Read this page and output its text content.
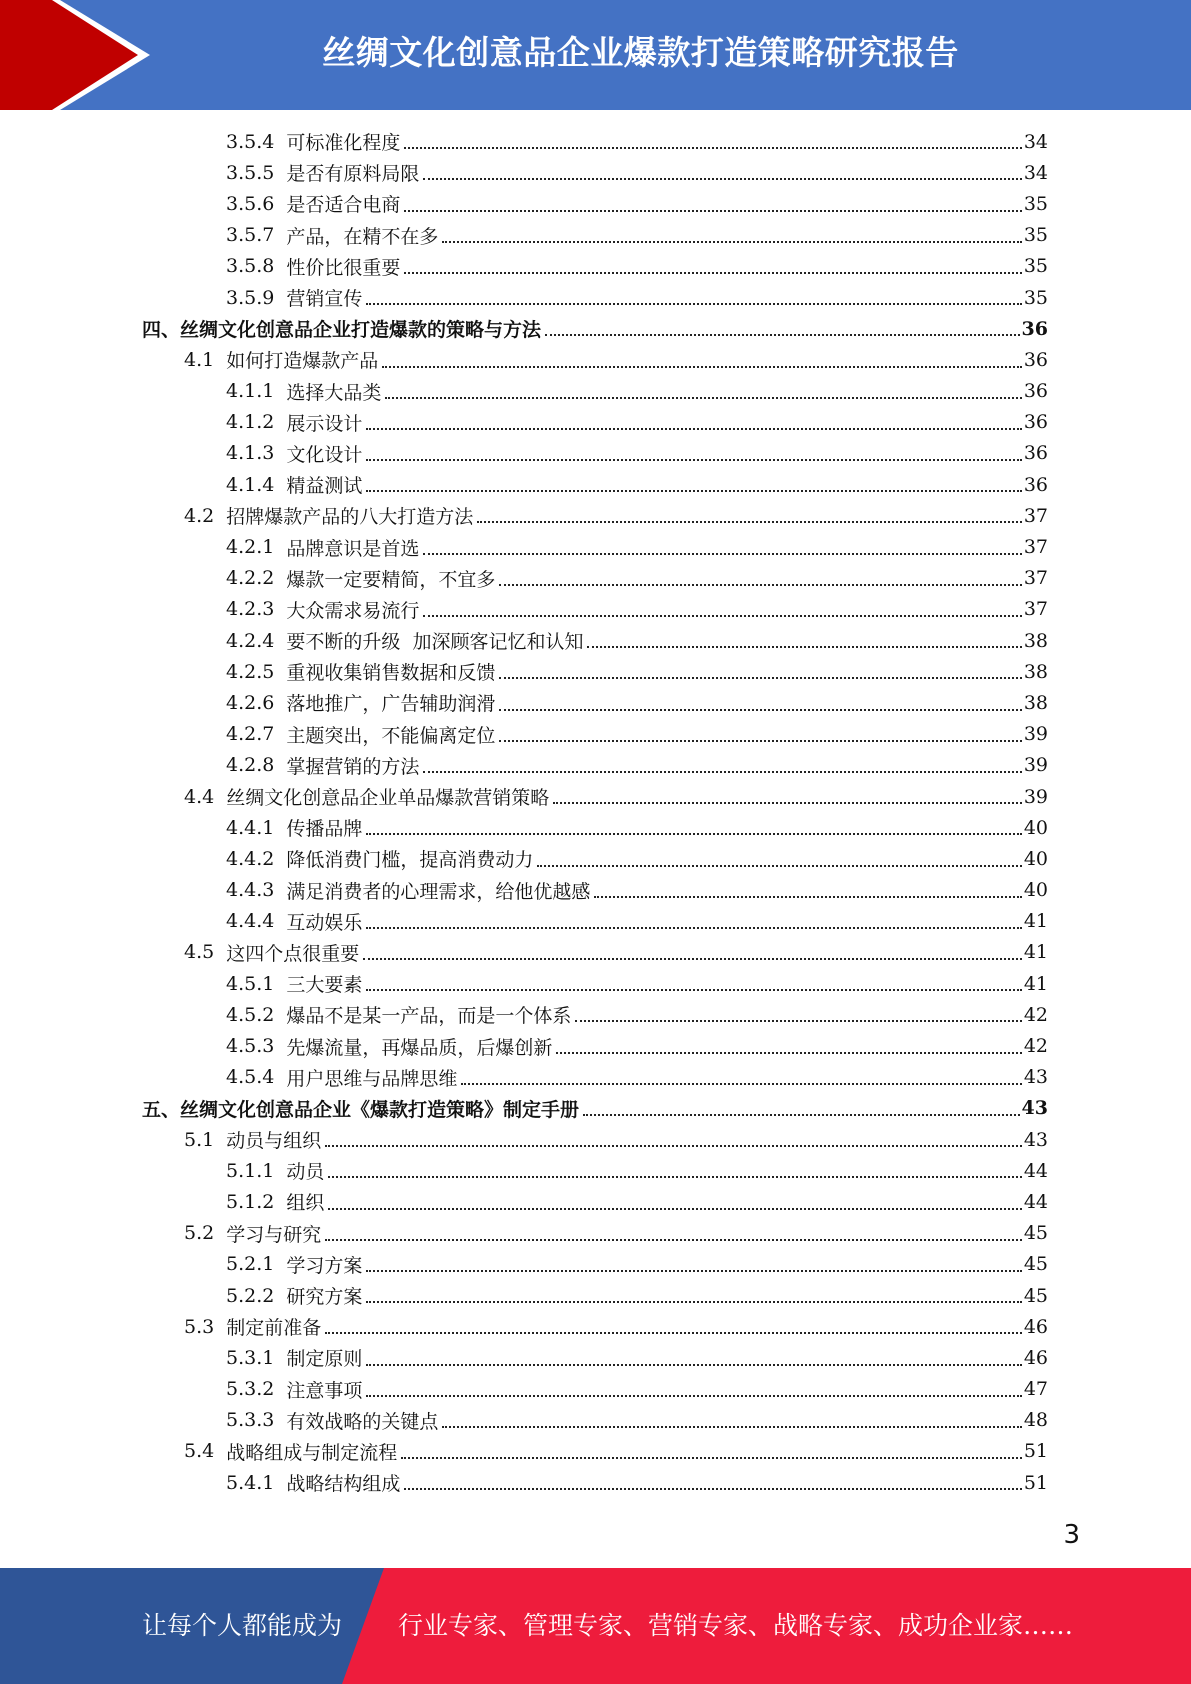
丝绸文化创意品企业爆款打造策略研究报告
3.5.4 可标准化程度	34
3.5.5 是否有原料局限	34
3.5.6 是否适合电商	35
3.5.7 产品，在精不在多	35
3.5.8 性价比很重要	35
3.5.9 营销宣传	35
四、 丝绸文化创意品企业打造爆款的策略与方法	36
4.1 如何打造爆款产品	36
4.1.1 选择大品类	36
4.1.2 展示设计	36
4.1.3 文化设计	36
4.1.4 精益测试	36
4.2 招牌爆款产品的八大打造方法	37
4.2.1 品牌意识是首选	37
4.2.2 爆款一定要精简，不宜多	37
4.2.3 大众需求易流行	37
4.2.4 要不断的升级  加深顾客记忆和认知	38
4.2.5 重视收集销售数据和反馈	38
4.2.6 落地推广，广告辅助润滑	38
4.2.7 主题突出，不能偏离定位	39
4.2.8 掌握营销的方法	39
4.4 丝绸文化创意品企业单品爆款营销策略	39
4.4.1 传播品牌	40
4.4.2 降低消费门槛，提高消费动力	40
4.4.3 满足消费者的心理需求，给他优越感	40
4.4.4 互动娱乐	41
4.5 这四个点很重要	41
4.5.1 三大要素	41
4.5.2 爆品不是某一产品，而是一个体系	42
4.5.3 先爆流量，再爆品质，后爆创新	42
4.5.4 用户思维与品牌思维	43
五、 丝绸文化创意品企业《爆款打造策略》制定手册	43
5.1 动员与组织	43
5.1.1 动员	44
5.1.2 组织	44
5.2 学习与研究	45
5.2.1 学习方案	45
5.2.2 研究方案	45
5.3 制定前准备	46
5.3.1 制定原则	46
5.3.2 注意事项	47
5.3.3 有效战略的关键点	48
5.4 战略组成与制定流程	51
5.4.1 战略结构组成	51
3
让每个人都能成为 行业专家、管理专家、营销专家、战略专家、成功企业家……
